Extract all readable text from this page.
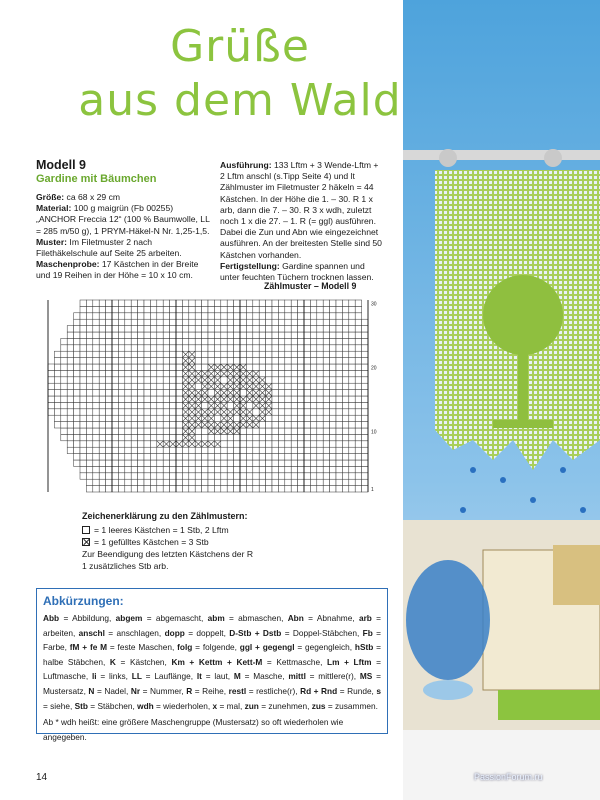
Grüße
aus dem Wald
Modell 9
Gardine mit Bäumchen

Größe: ca 68 x 29 cm

Material: 100 g maigrün (Fb 00255) „ANCHOR Freccia 12“ (100 % Baumwolle, LL = 285 m/50 g), 1 PRYM-Häkel-N Nr. 1,25-1,5.

Muster: Im Filetmuster 2 nach Filethäkelschule auf Seite 25 arbeiten.

Maschenprobe: 17 Kästchen in der Breite und 19 Reihen in der Höhe = 10 x 10 cm.

Ausführung: 133 Lftm + 3 Wende-Lftm + 2 Lftm anschl (s.Tipp Seite 4) und lt Zählmuster im Filetmuster 2 häkeln = 44 Kästchen. In der Höhe die 1. – 30. R 1 x arb, dann die 7. – 30. R 3 x wdh, zuletzt noch 1 x die 27. – 1. R (= ggl) ausführen. Dabei die Zun und Abn wie eingezeichnet ausführen. An der breitesten Stelle sind 50 Kästchen vorhanden.

Fertigstellung: Gardine spannen und unter feuchten Tüchern trocknen lassen.

Zählmuster – Modell 9
30
20
10
1
Zeichenerklärung zu den Zählmustern:
= 1 leeres Kästchen = 1 Stb, 2 Lftm
= 1 gefülltes Kästchen = 3 Stb
Zur Beendigung des letzten Kästchens der R
1 zusätzliches Stb arb.
Abkürzungen:
Abb = Abbildung, abgem = abgemascht, abm = abmaschen, Abn = Abnahme, arb = arbeiten, anschl = anschlagen, dopp = doppelt, D-Stb + Dstb = Doppel-Stäbchen, Fb = Farbe, fM + fe M = feste Maschen, folg = folgende, ggl + gegengl = gegengleich, hStb = halbe Stäbchen, K = Kästchen, Km + Kettm + Kett-M = Kettmasche, Lm + Lftm = Luftmasche, li = links, LL = Lauflänge, lt = laut, M = Masche, mittl = mittlere(r), MS = Mustersatz, N = Nadel, Nr = Nummer, R = Reihe, restl = restliche(r), Rd + Rnd = Runde, s = siehe, Stb = Stäbchen, wdh = wiederholen, x = mal, zun = zunehmen, zus = zusammen.
Ab * wdh heißt: eine größere Maschengruppe (Mustersatz) so oft wiederholen wie angegeben.
14	PassionForum.ru
